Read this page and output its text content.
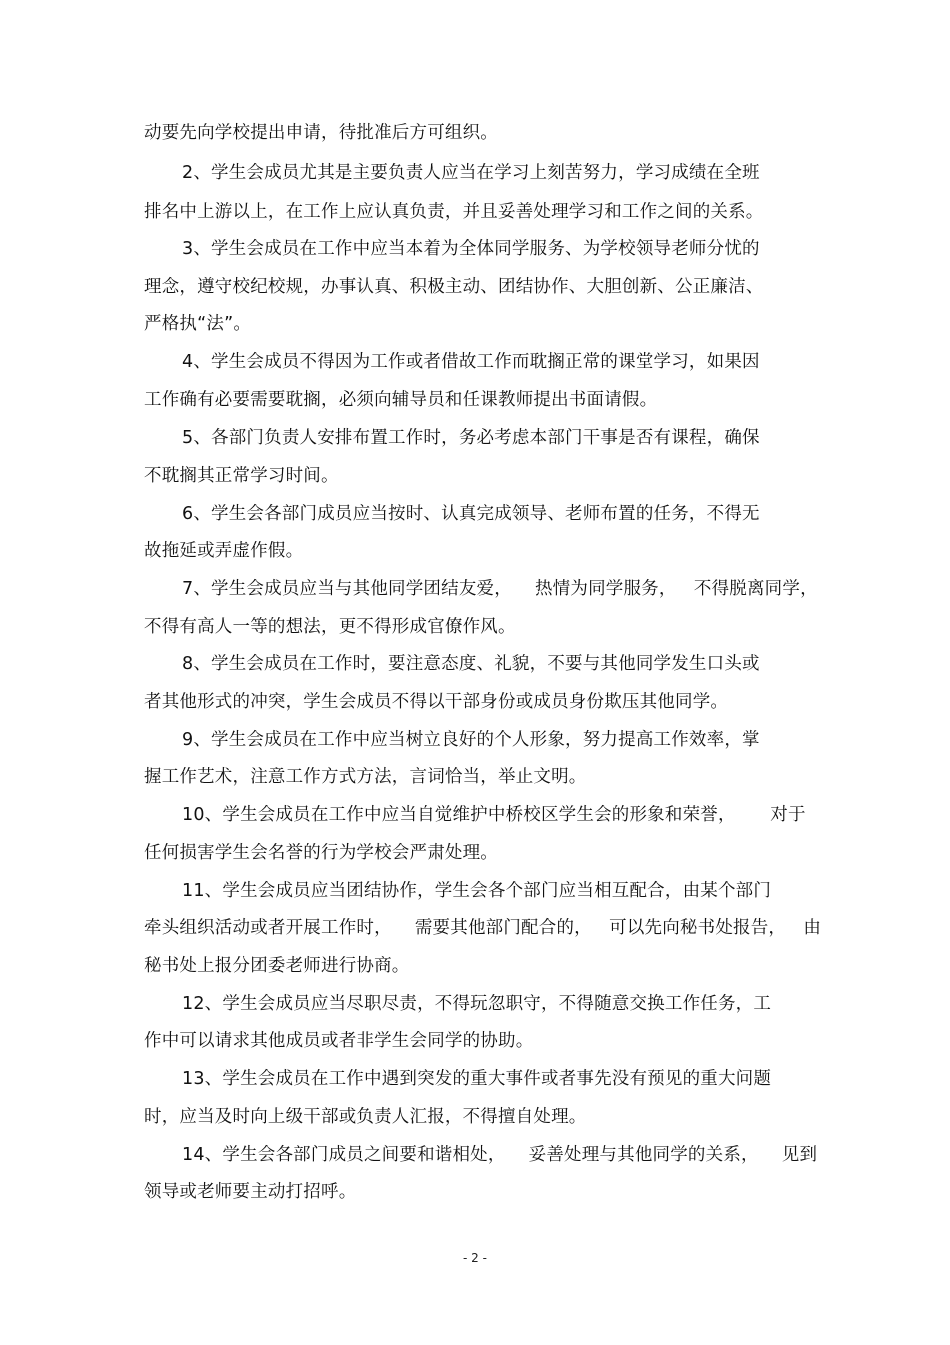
动要先向学校提出申请，待批准后方可组织。
2、学生会成员尤其是主要负责人应当在学习上刻苦努力，学习成绩在全班
排名中上游以上，在工作上应认真负责，并且妥善处理学习和工作之间的关系。
3、学生会成员在工作中应当本着为全体同学服务、为学校领导老师分忧的
理念，遵守校纪校规，办事认真、积极主动、团结协作、大胆创新、公正廉洁、
严格执“法”。
4、学生会成员不得因为工作或者借故工作而耽搁正常的课堂学习，如果因
工作确有必要需要耽搁，必须向辅导员和任课教师提出书面请假。
5、各部门负责人安排布置工作时，务必考虑本部门干事是否有课程，确保
不耽搁其正常学习时间。
6、学生会各部门成员应当按时、认真完成领导、老师布置的任务，不得无
故拖延或弄虚作假。
7、学生会成员应当与其他同学团结友爱，    热情为同学服务，   不得脱离同学，
不得有高人一等的想法，更不得形成官僚作风。
8、学生会成员在工作时，要注意态度、礼貌，不要与其他同学发生口头或
者其他形式的冲突，学生会成员不得以干部身份或成员身份欺压其他同学。
9、学生会成员在工作中应当树立良好的个人形象，努力提高工作效率，掌
握工作艺术，注意工作方式方法，言词恰当，举止文明。
10、学生会成员在工作中应当自觉维护中桥校区学生会的形象和荣誉，      对于
任何损害学生会名誉的行为学校会严肃处理。
11、学生会成员应当团结协作，学生会各个部门应当相互配合，由某个部门
牵头组织活动或者开展工作时，    需要其他部门配合的，   可以先向秘书处报告，   由
秘书处上报分团委老师进行协商。
12、学生会成员应当尽职尽责，不得玩忽职守，不得随意交换工作任务，工
作中可以请求其他成员或者非学生会同学的协助。
13、学生会成员在工作中遇到突发的重大事件或者事先没有预见的重大问题
时，应当及时向上级干部或负责人汇报，不得擅自处理。
14、学生会各部门成员之间要和谐相处，    妥善处理与其他同学的关系，    见到
领导或老师要主动打招呼。
- 2 -
